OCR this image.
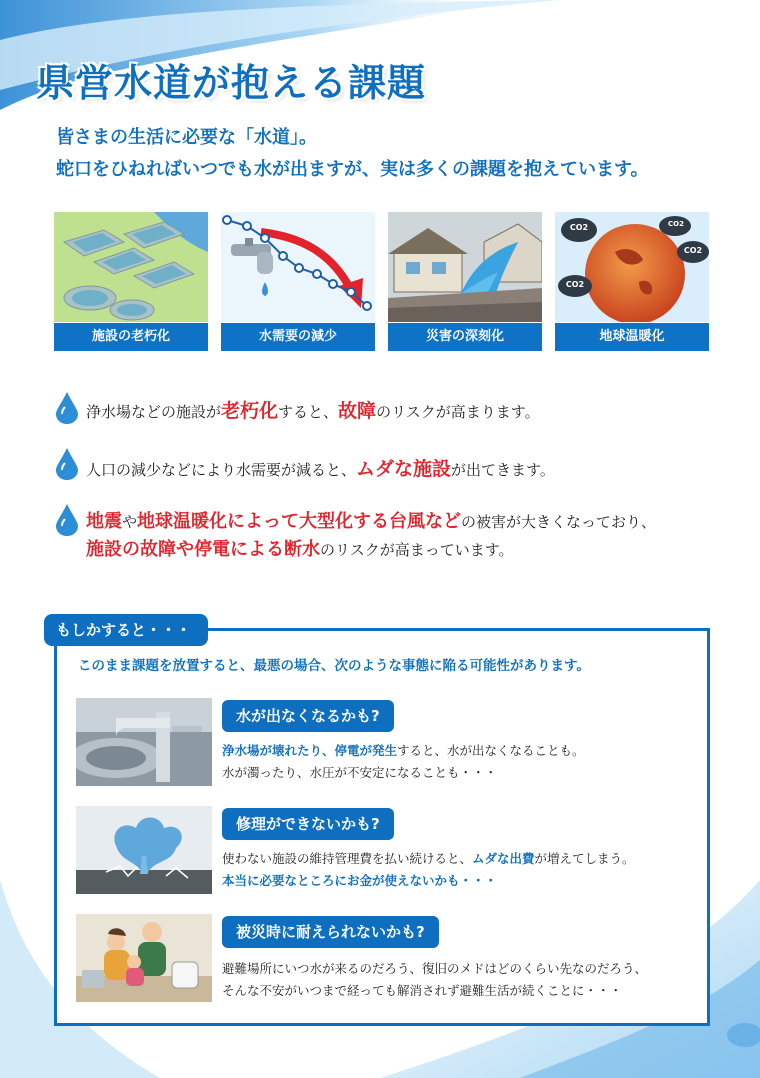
県営水道が抱える課題
皆さまの生活に必要な「水道」。
蛇口をひねればいつでも水が出ますが、実は多くの課題を抱えています。
施設の老朽化	水需要の減少	災害の深刻化
CO2	CO2
CO2
CO2
地球温暖化
浄水場などの施設が老朽化すると、故障のリスクが高まります。
人口の減少などにより水需要が減ると、ムダな施設が出てきます。
地震や地球温暖化によって大型化する台風などの被害が大きくなっており、
施設の故障や停電による断水のリスクが高まっています。
もしかすると・・・
このまま課題を放置すると、最悪の場合、次のような事態に陥る可能性があります。
水が出なくなるかも?
浄水場が壊れたり、停電が発生すると、水が出なくなることも。
水が濁ったり、水圧が不安定になることも・・・
修理ができないかも?
使わない施設の維持管理費を払い続けると、ムダな出費が増えてしまう。
本当に必要なところにお金が使えないかも・・・
被災時に耐えられないかも?
避難場所にいつ水が来るのだろう、復旧のメドはどのくらい先なのだろう、
そんな不安がいつまで経っても解消されず避難生活が続くことに・・・
